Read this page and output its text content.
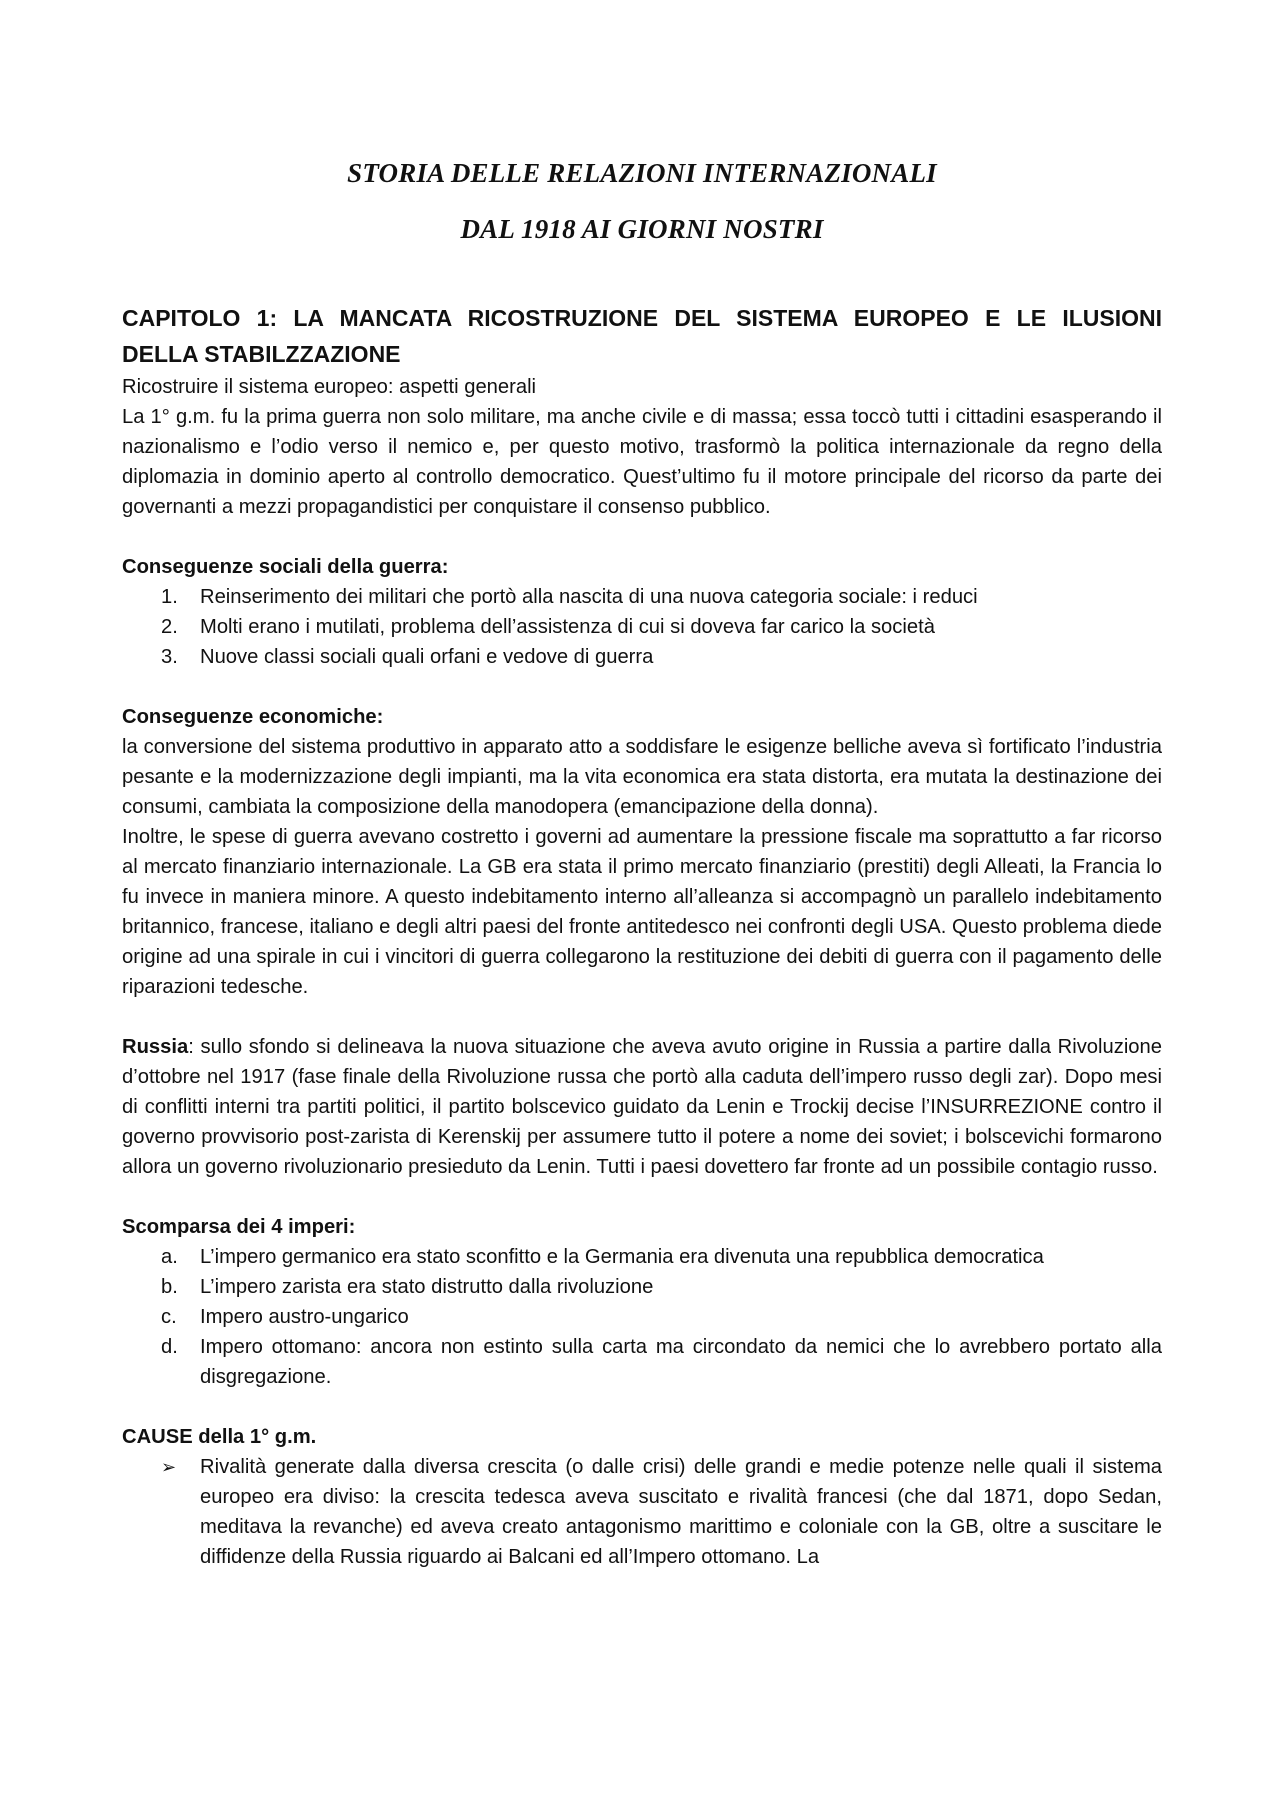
STORIA DELLE RELAZIONI INTERNAZIONALI
DAL 1918 AI GIORNI NOSTRI
CAPITOLO 1: LA MANCATA RICOSTRUZIONE DEL SISTEMA EUROPEO E LE ILUSIONI
DELLA STABILZZAZIONE
Ricostruire il sistema europeo: aspetti generali

La 1° g.m. fu la prima guerra non solo militare, ma anche civile e di massa; essa toccò tutti i cittadini esasperando il nazionalismo e l’odio verso il nemico e, per questo motivo, trasformò la politica internazionale da regno della diplomazia in dominio aperto al controllo democratico. Quest’ultimo fu il motore principale del ricorso da parte dei governanti a mezzi propagandistici per conquistare il consenso pubblico.

Conseguenze sociali della guerra:
1.	Reinserimento dei militari che portò alla nascita di una nuova categoria sociale: i reduci
2.	Molti erano i mutilati, problema dell’assistenza di cui si doveva far carico la società
3.	Nuove classi sociali quali orfani e vedove di guerra
Conseguenze economiche:

la conversione del sistema produttivo in apparato atto a soddisfare le esigenze belliche aveva sì fortificato l’industria pesante e la modernizzazione degli impianti, ma la vita economica era stata distorta, era mutata la destinazione dei consumi, cambiata la composizione della manodopera (emancipazione della donna).

Inoltre, le spese di guerra avevano costretto i governi ad aumentare la pressione fiscale ma soprattutto a far ricorso al mercato finanziario internazionale. La GB era stata il primo mercato finanziario (prestiti) degli Alleati, la Francia lo fu invece in maniera minore. A questo indebitamento interno all’alleanza si accompagnò un parallelo indebitamento britannico, francese, italiano e degli altri paesi del fronte antitedesco nei confronti degli USA. Questo problema diede origine ad una spirale in cui i vincitori di guerra collegarono la restituzione dei debiti di guerra con il pagamento delle riparazioni tedesche.

Russia: sullo sfondo si delineava la nuova situazione che aveva avuto origine in Russia a partire dalla Rivoluzione d’ottobre nel 1917 (fase finale della Rivoluzione russa che portò alla caduta dell’impero russo degli zar). Dopo mesi di conflitti interni tra partiti politici, il partito bolscevico guidato da Lenin e Trockij decise l’INSURREZIONE contro il governo provvisorio post-zarista di Kerenskij per assumere tutto il potere a nome dei soviet; i bolscevichi formarono allora un governo rivoluzionario presieduto da Lenin. Tutti i paesi dovettero far fronte ad un possibile contagio russo.

Scomparsa dei 4 imperi:
a.	L’impero germanico era stato sconfitto e la Germania era divenuta una repubblica democratica
b.	L’impero zarista era stato distrutto dalla rivoluzione
c.	Impero austro-ungarico
d.	Impero ottomano: ancora non estinto sulla carta ma circondato da nemici che lo avrebbero portato alla disgregazione.
CAUSE della 1° g.m.
➢ Rivalità generate dalla diversa crescita (o dalle crisi) delle grandi e medie potenze nelle quali il sistema europeo era diviso: la crescita tedesca aveva suscitato e rivalità francesi (che dal 1871, dopo Sedan, meditava la revanche) ed aveva creato antagonismo marittimo e coloniale con la GB, oltre a suscitare le diffidenze della Russia riguardo ai Balcani ed all’Impero ottomano. La
